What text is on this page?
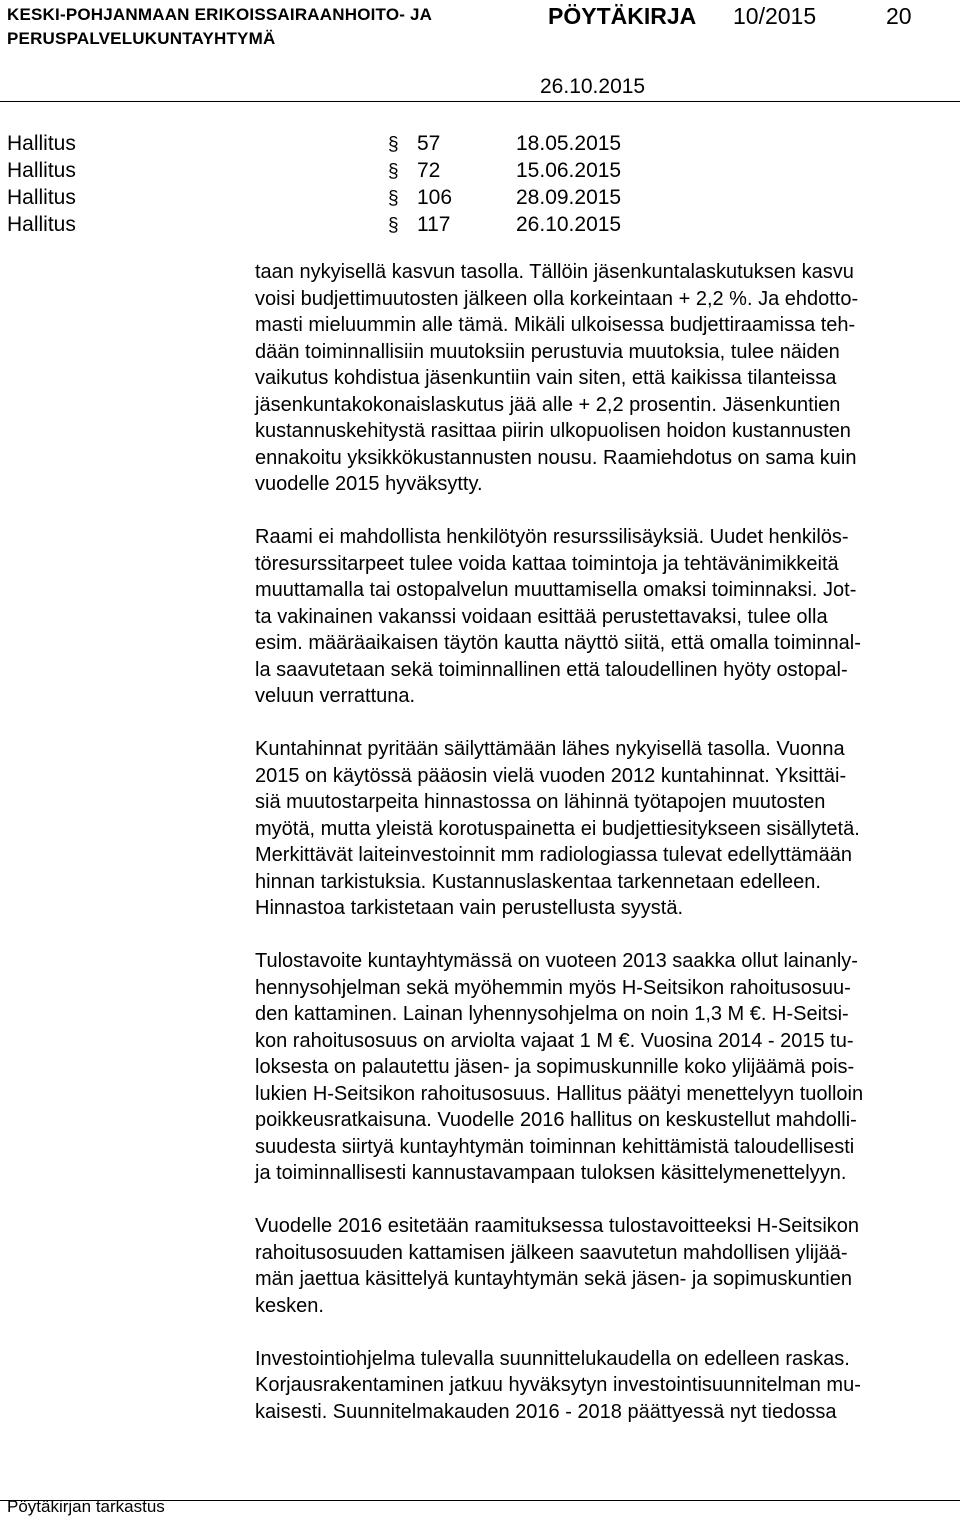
KESKI-POHJANMAAN ERIKOISSAIRAANHOITO- JA
PERUSPALVELUKUNTAYHTYMÄ
PÖYTÄKIRJA 10/2015	20
26.10.2015
Hallitus	§ 57	18.05.2015
Hallitus	§ 72	15.06.2015
Hallitus	§ 106	28.09.2015
Hallitus	§ 117	26.10.2015

taan nykyisellä kasvun tasolla. Tällöin jäsenkuntalaskutuksen kasvu
voisi budjettimuutosten jälkeen olla korkeintaan + 2,2 %. Ja ehdotto-
masti mieluummin alle tämä. Mikäli ulkoisessa budjettiraamissa teh-
dään toiminnallisiin muutoksiin perustuvia muutoksia, tulee näiden
vaikutus kohdistua jäsenkuntiin vain siten, että kaikissa tilanteissa
jäsenkuntakokonaislaskutus jää alle + 2,2 prosentin. Jäsenkuntien
kustannuskehitystä rasittaa piirin ulkopuolisen hoidon kustannusten
ennakoitu yksikkökustannusten nousu. Raamiehdotus on sama kuin
vuodelle 2015 hyväksytty.

Raami ei mahdollista henkilötyön resurssilisäyksiä. Uudet henkilös-
töresurssitarpeet tulee voida kattaa toimintoja ja tehtävänimikkeitä
muuttamalla tai ostopalvelun muuttamisella omaksi toiminnaksi. Jot-
ta vakinainen vakanssi voidaan esittää perustettavaksi, tulee olla
esim. määräaikaisen täytön kautta näyttö siitä, että omalla toiminnal-
la saavutetaan sekä toiminnallinen että taloudellinen hyöty ostopal-
veluun verrattuna.

Kuntahinnat pyritään säilyttämään lähes nykyisellä tasolla. Vuonna
2015 on käytössä pääosin vielä vuoden 2012 kuntahinnat. Yksittäi-
siä muutostarpeita hinnastossa on lähinnä työtapojen muutosten
myötä, mutta yleistä korotuspainetta ei budjettiesitykseen sisällytetä.
Merkittävät laiteinvestoinnit mm radiologiassa tulevat edellyttämään
hinnan tarkistuksia. Kustannuslaskentaa tarkennetaan edelleen.
Hinnastoa tarkistetaan vain perustellusta syystä.

Tulostavoite kuntayhtymässä on vuoteen 2013 saakka ollut lainanly-
hennysohjelman sekä myöhemmin myös H-Seitsikon rahoitusosuu-
den kattaminen. Lainan lyhennysohjelma on noin 1,3 M €. H-Seitsi-
kon rahoitusosuus on arviolta vajaat 1 M €. Vuosina 2014 - 2015 tu-
loksesta on palautettu jäsen- ja sopimuskunnille koko ylijäämä pois-
lukien H-Seitsikon rahoitusosuus. Hallitus päätyi menettelyyn tuolloin
poikkeusratkaisuna. Vuodelle 2016 hallitus on keskustellut mahdolli-
suudesta siirtyä kuntayhtymän toiminnan kehittämistä taloudellisesti
ja toiminnallisesti kannustavampaan tuloksen käsittelymenettelyyn.

Vuodelle 2016 esitetään raamituksessa tulostavoitteeksi H-Seitsikon
rahoitusosuuden kattamisen jälkeen saavutetun mahdollisen ylijää-
män jaettua käsittelyä kuntayhtymän sekä jäsen- ja sopimuskuntien
kesken.

Investointiohjelma tulevalla suunnittelukaudella on edelleen raskas.
Korjausrakentaminen jatkuu hyväksytyn investointisuunnitelman mu-
kaisesti. Suunnitelmakauden 2016 - 2018 päättyessä nyt tiedossa

Pöytäkirjan tarkastus
